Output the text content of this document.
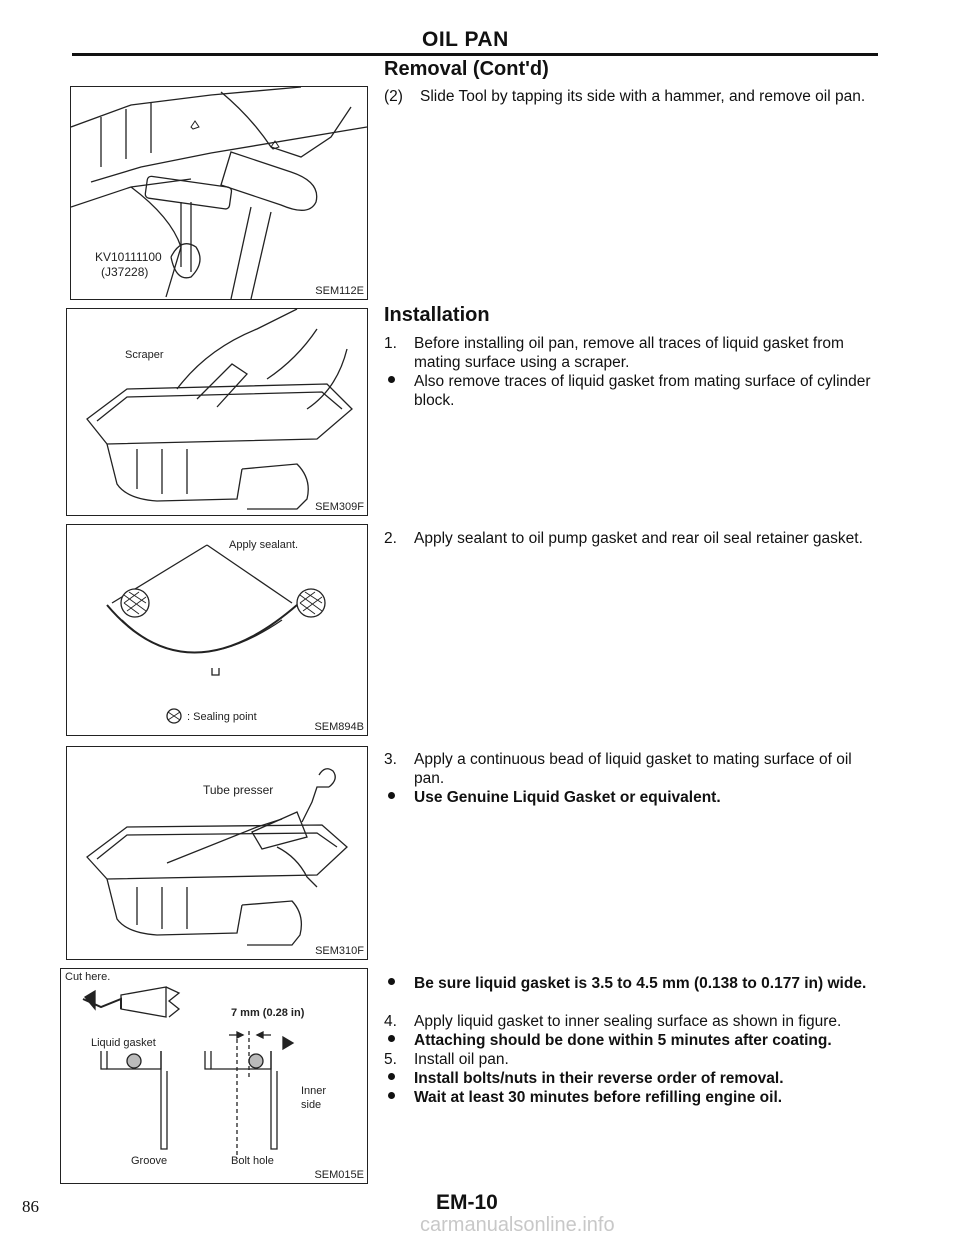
OIL PAN
Removal (Cont'd)
KV10111100
(J37228)
SEM112E
Installation
Scraper
SEM309F
Apply sealant.
: Sealing point
SEM894B
Tube presser
SEM310F
Cut here.
7 mm (0.28 in)
Liquid gasket
Inner
side
Groove	Bolt hole
SEM015E
(2) Slide Tool by tapping its side with a hammer, and remove oil pan.
1.	Before installing oil pan, remove all traces of liquid gasket from mating surface using a scraper.
Also remove traces of liquid gasket from mating surface of cylinder block.
2.	Apply sealant to oil pump gasket and rear oil seal retainer gasket.
3.	Apply a continuous bead of liquid gasket to mating surface of oil pan.
Use Genuine Liquid Gasket or equivalent.
Be sure liquid gasket is 3.5 to 4.5 mm (0.138 to 0.177 in) wide.
4.	Apply liquid gasket to inner sealing surface as shown in figure.
Attaching should be done within 5 minutes after coating.
5.	Install oil pan.
Install bolts/nuts in their reverse order of removal.
Wait at least 30 minutes before refilling engine oil.
86	EM-10
carmanualsonline.info
